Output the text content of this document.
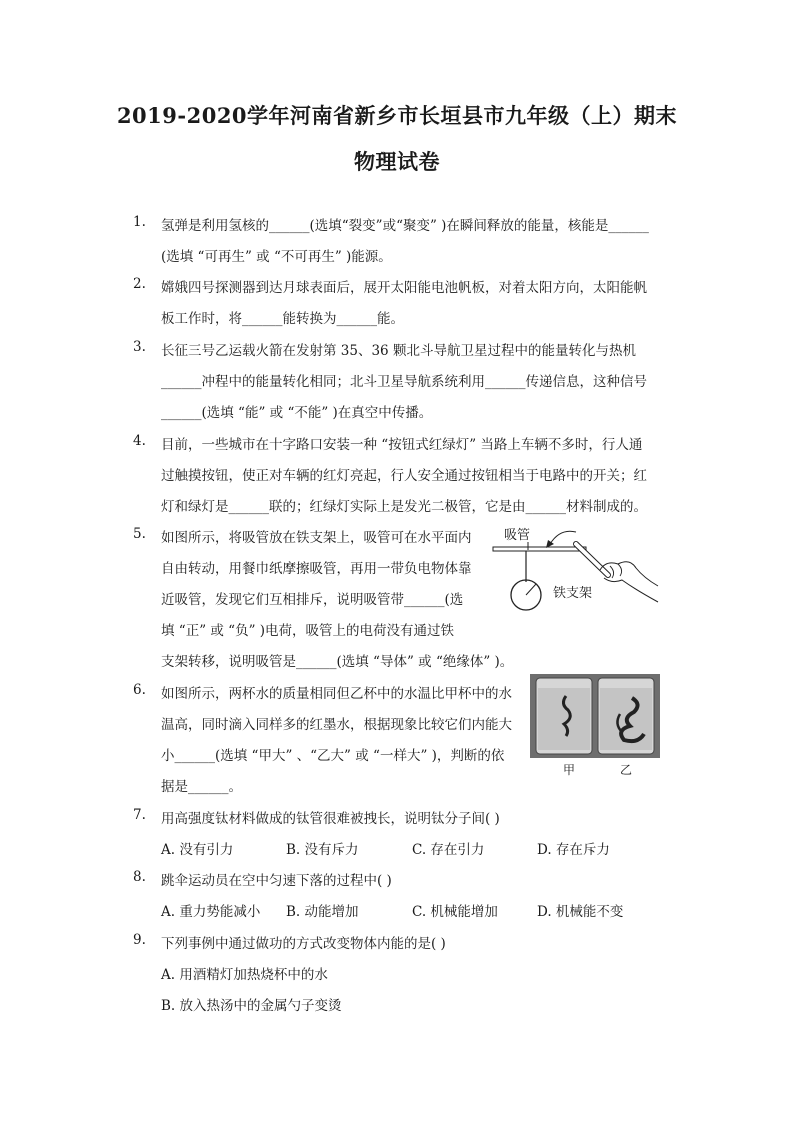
2019-2020学年河南省新乡市长垣县市九年级（上）期末
物理试卷
1.	氢弹是利用氢核的______(选填“裂变”或“聚变” )在瞬间释放的能量，核能是______
(选填 “可再生” 或 “不可再生” )能源。
2.	嫦娥四号探测器到达月球表面后，展开太阳能电池帆板，对着太阳方向，太阳能帆
板工作时，将______能转换为______能。
3.	长征三号乙运载火箭在发射第 35、36 颗北斗导航卫星过程中的能量转化与热机
______冲程中的能量转化相同；北斗卫星导航系统利用______传递信息，这种信号
______(选填 “能” 或 “不能” )在真空中传播。
4.	目前，一些城市在十字路口安装一种 “按钮式红绿灯” 当路上车辆不多时，行人通
过触摸按钮，使正对车辆的红灯亮起，行人安全通过按钮相当于电路中的开关；红
灯和绿灯是______联的；红绿灯实际上是发光二极管，它是由______材料制成的。
5.	如图所示，将吸管放在铁支架上，吸管可在水平面内
自由转动，用餐巾纸摩擦吸管，再用一带负电物体靠
近吸管，发现它们互相排斥，说明吸管带______(选
填 “正” 或 “负” )电荷，吸管上的电荷没有通过铁
支架转移，说明吸管是______(选填 “导体” 或 “绝缘体” )。
吸管
铁支架
6.	如图所示，两杯水的质量相同但乙杯中的水温比甲杯中的水
温高，同时滴入同样多的红墨水，根据现象比较它们内能大
小______(选填 “甲大” 、“乙大” 或 “一样大” )，判断的依
据是______。
甲	乙
7.	用高强度钛材料做成的钛管很难被拽长，说明钛分子间( )
A. 没有引力	B. 没有斥力	C. 存在引力	D. 存在斥力
8.	跳伞运动员在空中匀速下落的过程中( )
A. 重力势能减小 B. 动能增加	C. 机械能增加	D. 机械能不变
9.	下列事例中通过做功的方式改变物体内能的是( )
A. 用酒精灯加热烧杯中的水
B. 放入热汤中的金属勺子变烫
